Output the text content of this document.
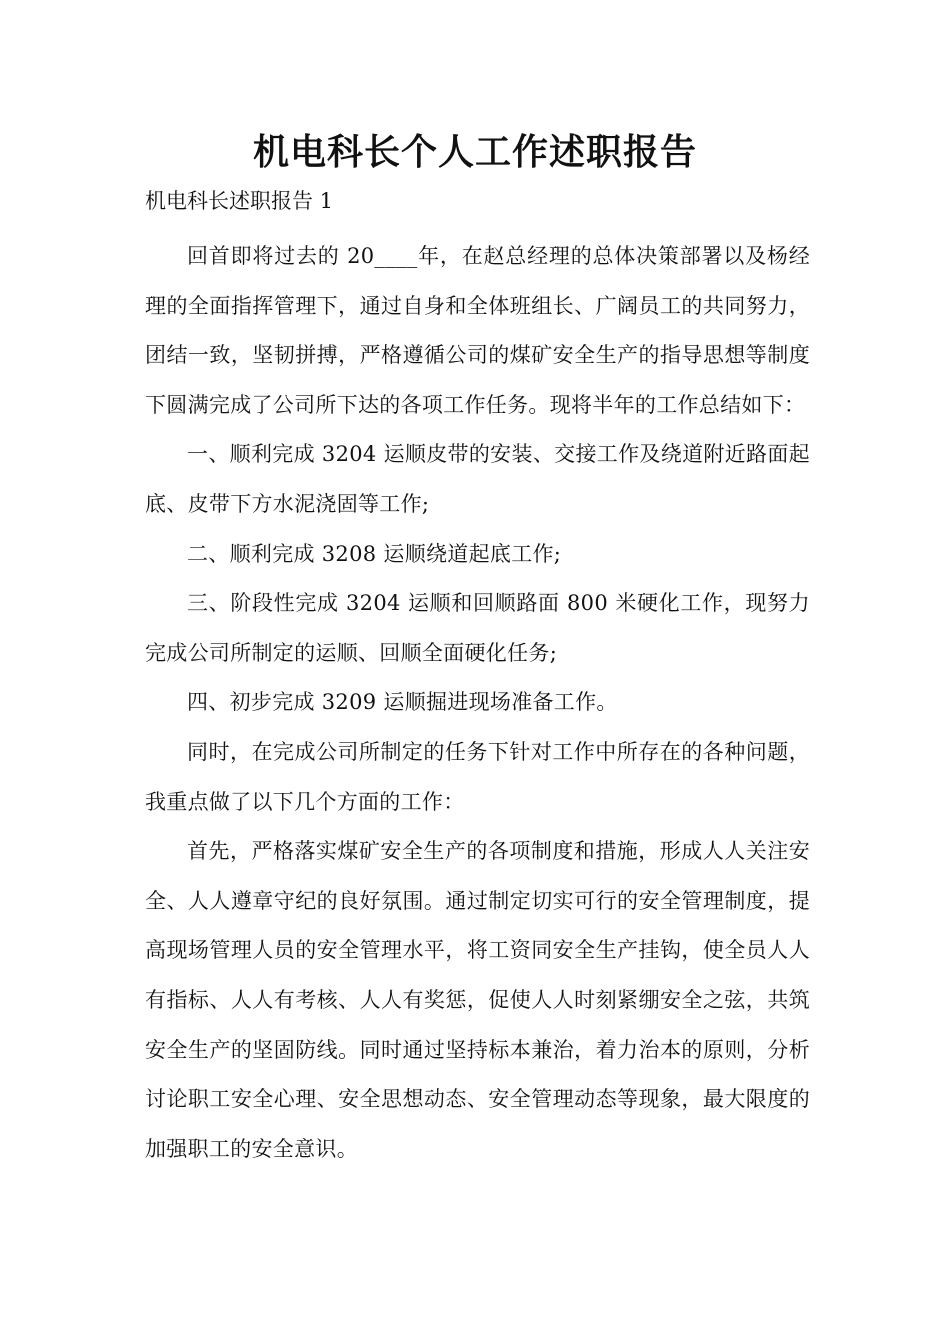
机电科长个人工作述职报告
机电科长述职报告 1

回首即将过去的 20____年，在赵总经理的总体决策部署以及杨经理的全面指挥管理下，通过自身和全体班组长、广阔员工的共同努力，团结一致，坚韧拼搏，严格遵循公司的煤矿安全生产的指导思想等制度下圆满完成了公司所下达的各项工作任务。现将半年的工作总结如下：

一、顺利完成 3204 运顺皮带的安装、交接工作及绕道附近路面起底、皮带下方水泥浇固等工作;

二、顺利完成 3208 运顺绕道起底工作;

三、阶段性完成 3204 运顺和回顺路面 800 米硬化工作，现努力完成公司所制定的运顺、回顺全面硬化任务;

四、初步完成 3209 运顺掘进现场准备工作。

同时，在完成公司所制定的任务下针对工作中所存在的各种问题，我重点做了以下几个方面的工作：

首先，严格落实煤矿安全生产的各项制度和措施，形成人人关注安全、人人遵章守纪的良好氛围。通过制定切实可行的安全管理制度，提高现场管理人员的安全管理水平，将工资同安全生产挂钩，使全员人人有指标、人人有考核、人人有奖惩，促使人人时刻紧绷安全之弦，共筑安全生产的坚固防线。同时通过坚持标本兼治，着力治本的原则，分析讨论职工安全心理、安全思想动态、安全管理动态等现象，最大限度的加强职工的安全意识。
